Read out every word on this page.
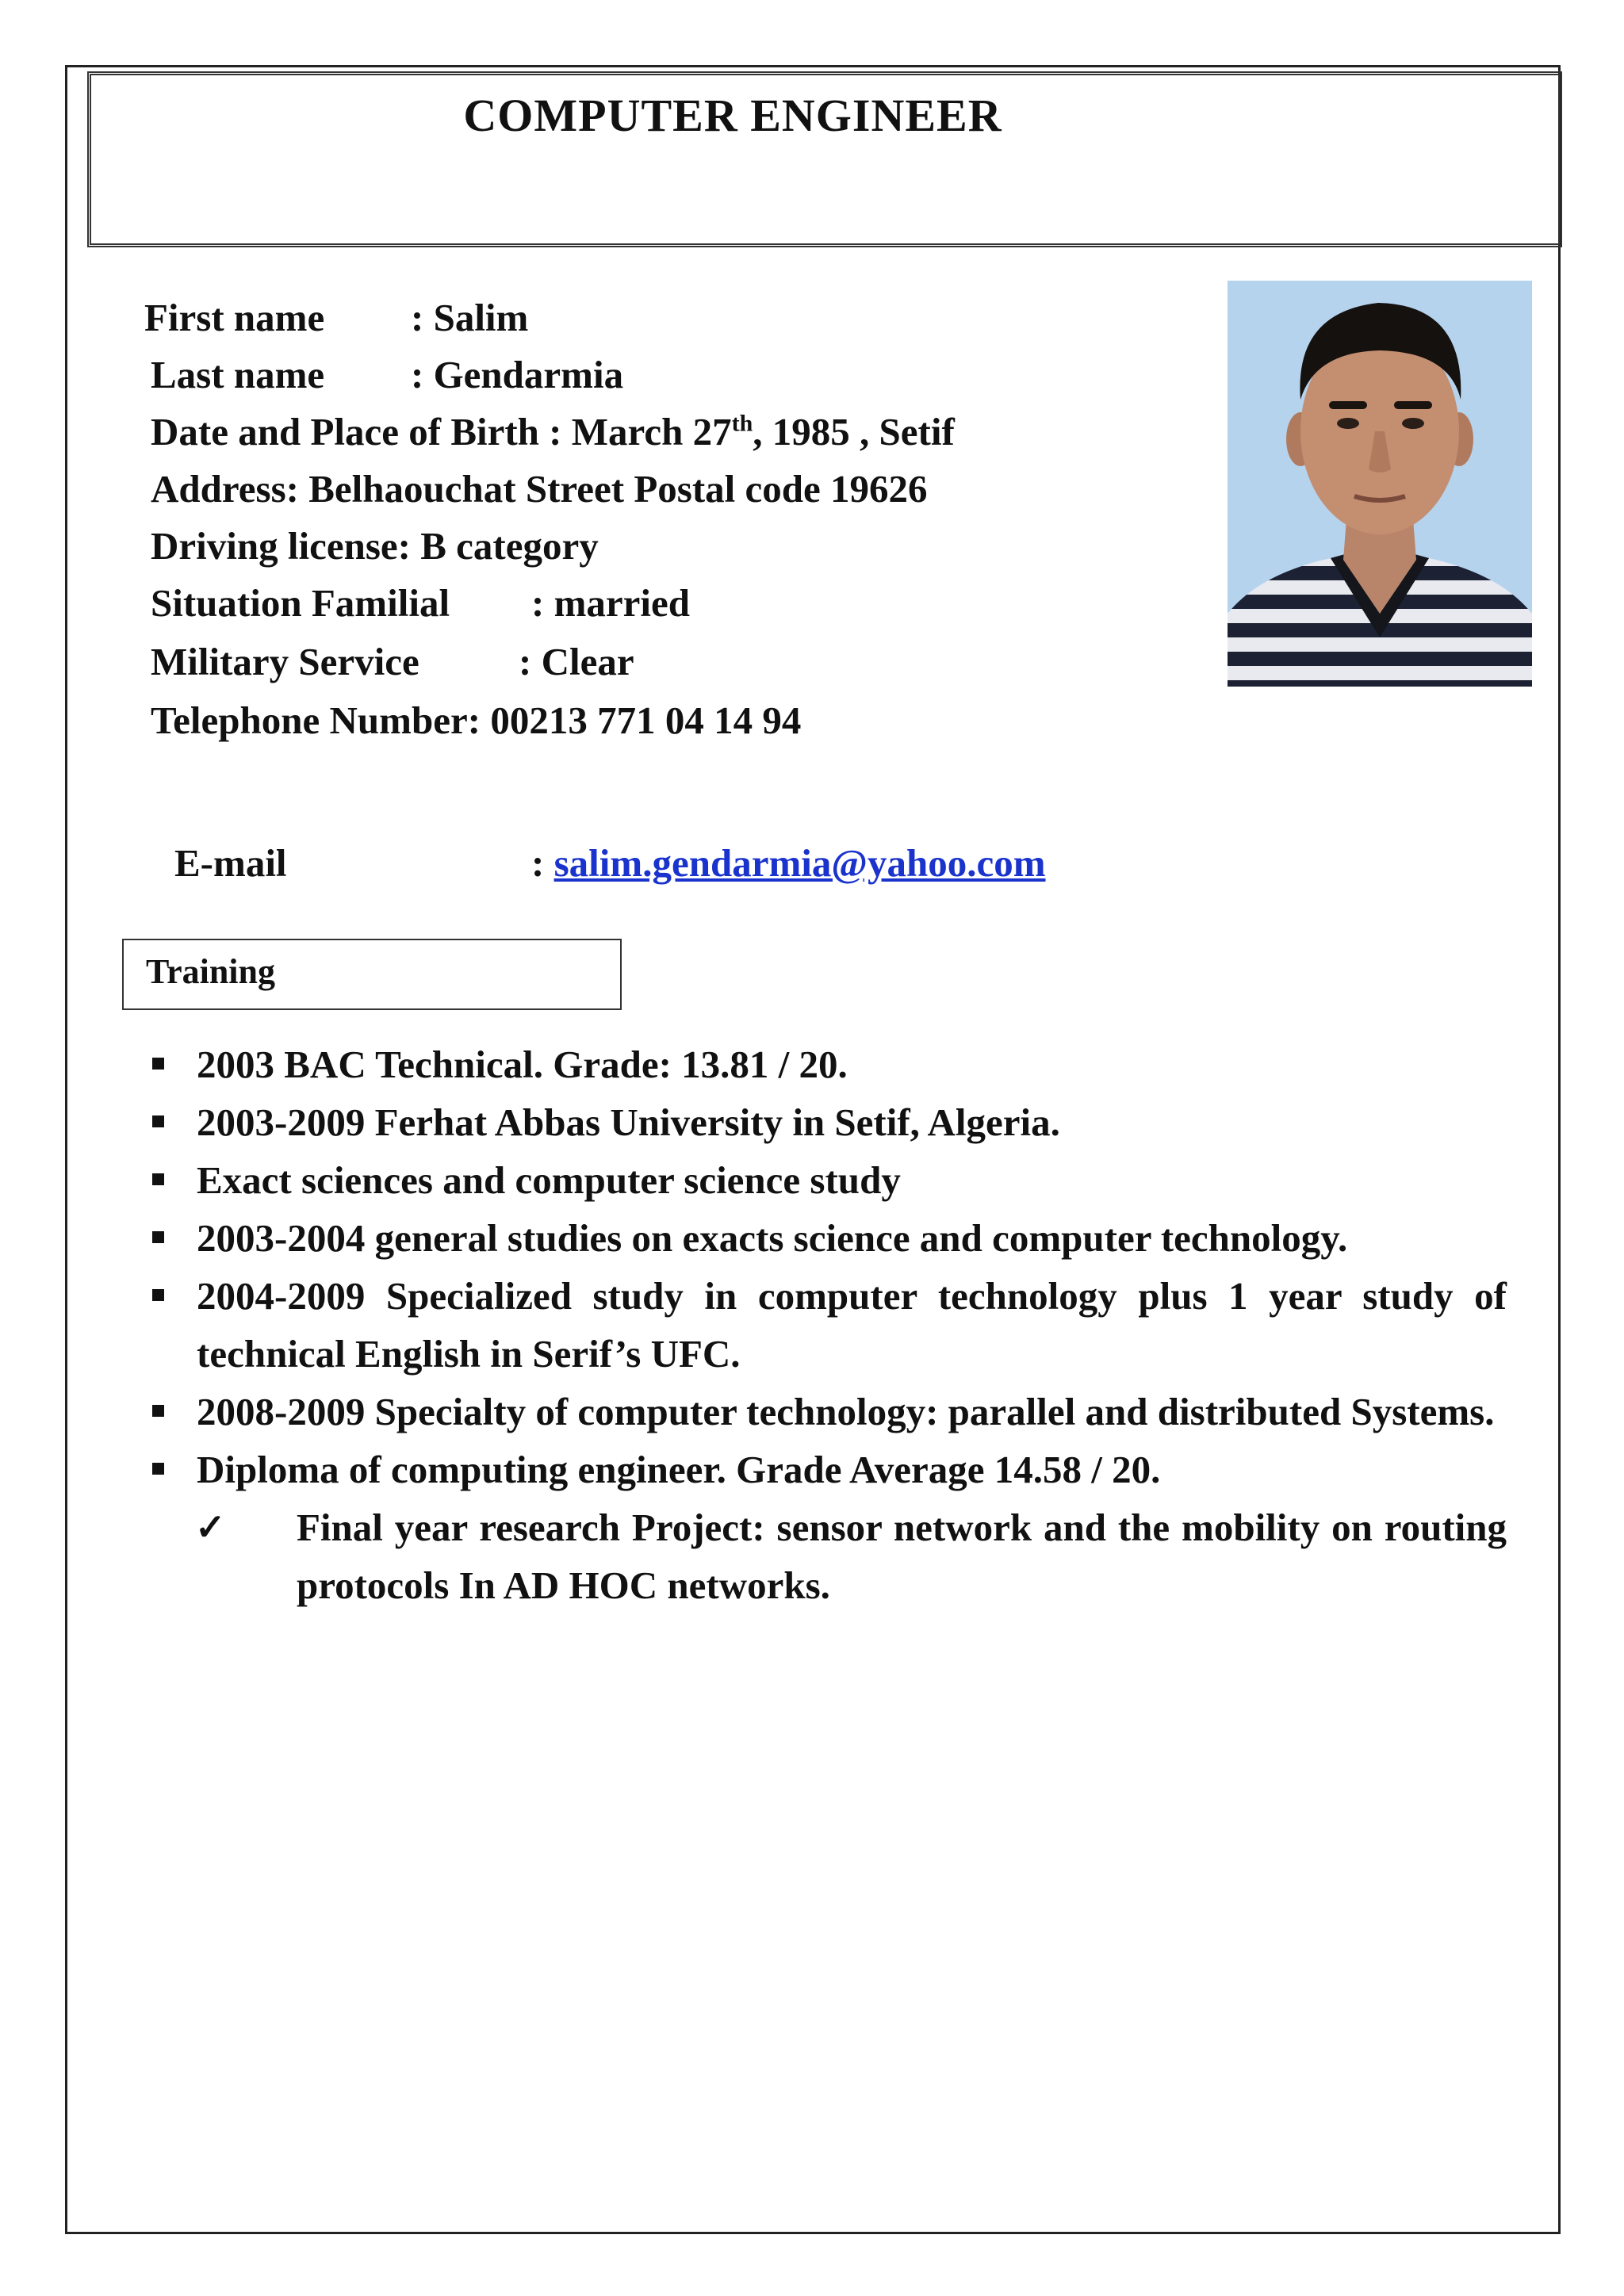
COMPUTER ENGINEER
First name : Salim
Last name : Gendarmia
Date and Place of Birth : March 27th, 1985 , Setif
Address: Belhaouchat Street Postal code 19626
Driving license: B category
Situation Familial : married
Military Service	: Clear
Telephone Number: 00213 771 04 14 94
E-mail	: salim.gendarmia@yahoo.com
Training
2003 BAC Technical. Grade: 13.81 / 20.
2003-2009 Ferhat Abbas University in Setif, Algeria.
Exact sciences and computer science study
2003-2004 general studies on exacts science and computer technology.
2004-2009 Specialized study in computer technology plus 1 year study of technical English in Serif’s UFC.
2008-2009 Specialty of computer technology: parallel and distributed Systems.
Diploma of computing engineer. Grade Average 14.58 / 20.
✓ Final year research Project: sensor network and the mobility on routing protocols In AD HOC networks.
